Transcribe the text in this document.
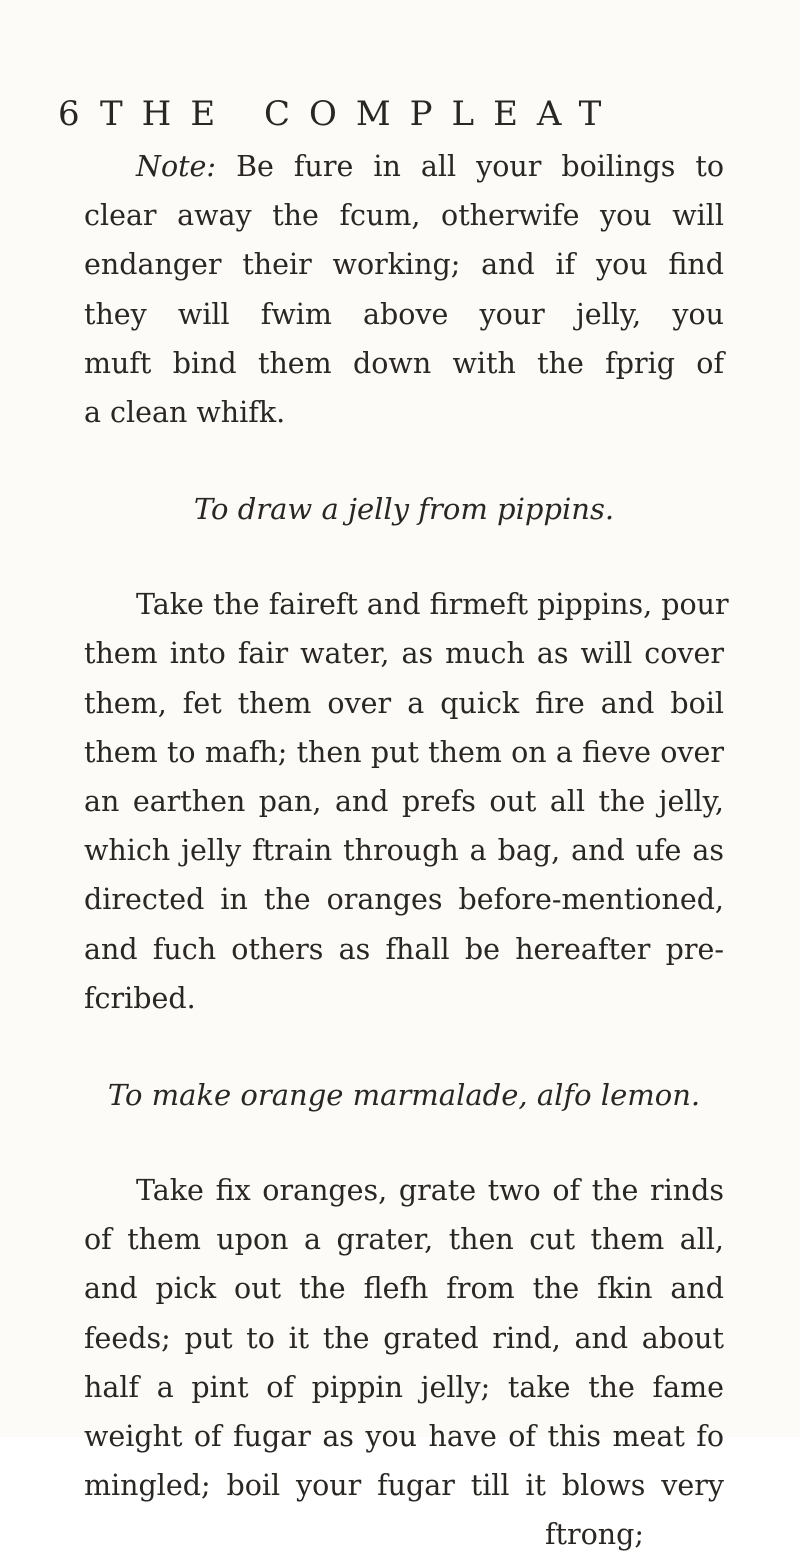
6 THE COMPLEAT

Note: Be fure in all your boilings to
clear away the fcum, otherwife you will
endanger their working; and if you find
they will fwim above your jelly, you
muft bind them down with the fprig of
a clean whifk.

To draw a jelly from pippins.

Take the faireft and firmeft pippins, pour
them into fair water, as much as will cover
them, fet them over a quick fire and boil
them to mafh; then put them on a fieve over
an earthen pan, and prefs out all the jelly,
which jelly ftrain through a bag, and ufe as
directed in the oranges before-mentioned,
and fuch others as fhall be hereafter pre-
fcribed.

To make orange marmalade, alfo lemon.

Take fix oranges, grate two of the rinds
of them upon a grater, then cut them all,
and pick out the flefh from the fkin and
feeds; put to it the grated rind, and about
half a pint of pippin jelly; take the fame
weight of fugar as you have of this meat fo
mingled; boil your fugar till it blows very
ftrong;
